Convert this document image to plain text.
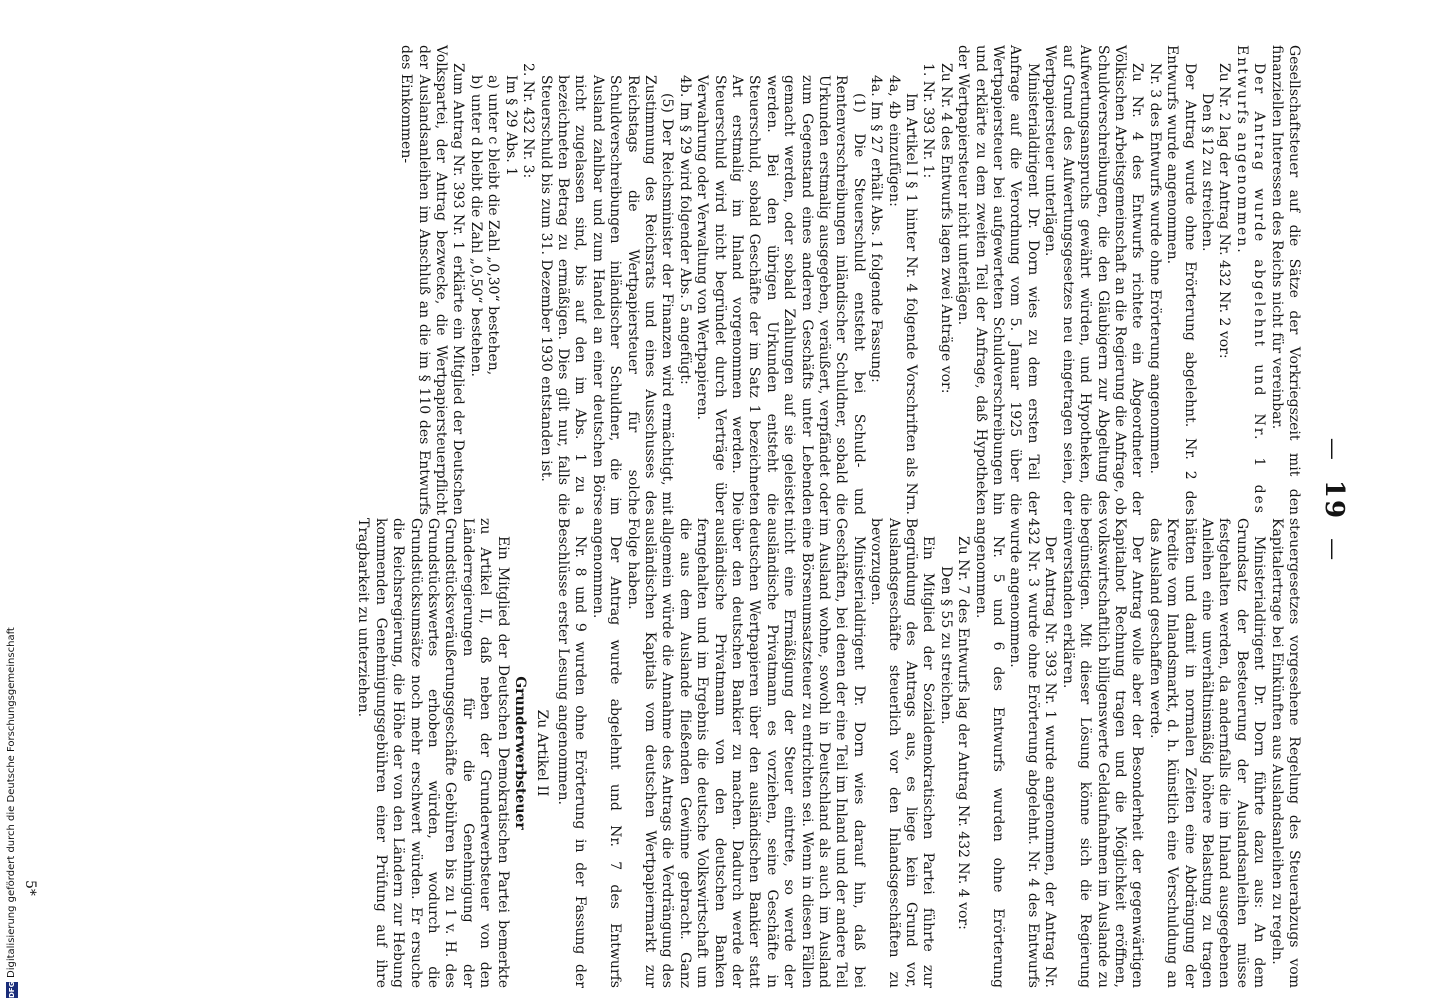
—19—

Gesellschaftsteuer auf die Sätze der Vorkriegszeit mit den finanziellen Interessen des Reichs nicht für vereinbar.

Der Antrag wurde abgelehnt und Nr. 1 des Entwurfs angenommen.

Zu Nr. 2 lag der Antrag Nr. 432 Nr. 2 vor:

Den § 12 zu streichen.

Der Antrag wurde ohne Erörterung abgelehnt. Nr. 2 des Entwurfs wurde angenommen.

Nr. 3 des Entwurfs wurde ohne Erörterung angenommen.

Zu Nr. 4 des Entwurfs richtete ein Abgeordneter der Völkischen Arbeitsgemeinschaft an die Regierung die Anfrage, ob Schuldverschreibungen, die den Gläubigern zur Abgeltung des Aufwertungsanspruchs gewährt würden, und Hypotheken, die auf Grund des Aufwertungsgesetzes neu eingetragen seien, der Wertpapiersteuer unterlägen.

Ministerialdirigent Dr. Dorn wies zu dem ersten Teil der Anfrage auf die Verordnung vom 5. Januar 1925 über die Wertpapiersteuer bei aufgewerteten Schuldverschreibungen hin und erklärte zu dem zweiten Teil der Anfrage, daß Hypotheken der Wertpapiersteuer nicht unterlägen.

Zu Nr. 4 des Entwurfs lagen zwei Anträge vor:

1. Nr. 393 Nr. 1:

Im Artikel I § 1 hinter Nr. 4 folgende Vorschriften als Nrn. 4a, 4b einzufügen:

4a. Im § 27 erhält Abs. 1 folgende Fassung:

(1) Die Steuerschuld entsteht bei Schuld- und Rentenverschreibungen inländischer Schuldner, sobald die Urkunden erstmalig ausgegeben, veräußert, verpfändet oder zum Gegenstand eines anderen Geschäfts unter Lebenden gemacht werden, oder sobald Zahlungen auf sie geleistet werden. Bei den übrigen Urkunden entsteht die Steuerschuld, sobald Geschäfte der im Satz 1 bezeichneten Art erstmalig im Inland vorgenommen werden. Die Steuerschuld wird nicht begründet durch Verträge über Verwahrung oder Verwaltung von Wertpapieren.

4b. Im § 29 wird folgender Abs. 5 angefügt:

(5) Der Reichsminister der Finanzen wird ermächtigt, mit Zustimmung des Reichsrats und eines Ausschusses des Reichstags die Wertpapiersteuer für solche Schuldverschreibungen inländischer Schuldner, die im Ausland zahlbar und zum Handel an einer deutschen Börse nicht zugelassen sind, bis auf den im Abs. 1 zu a bezeichneten Betrag zu ermäßigen. Dies gilt nur, falls die Steuerschuld bis zum 31. Dezember 1930 entstanden ist.

2. Nr. 432 Nr. 3:

Im § 29 Abs. 1

a) unter c bleibt die Zahl „0,30“ bestehen,

b) unter d bleibt die Zahl „0,50“ bestehen.

Zum Antrag Nr. 393 Nr. 1 erklärte ein Mitglied der Deutschen Volkspartei, der Antrag bezwecke, die Wertpapiersteuerpflicht der Auslandsanleihen im Anschluß an die im § 110 des Entwurfs des Einkommen-

steuergesetzes vorgesehene Regelung des Steuerabzugs vom Kapitalertrage bei Einkünften aus Auslandsanleihen zu regeln.

Ministerialdirigent Dr. Dorn führte dazu aus: An dem Grundsatz der Besteuerung der Auslandsanleihen müsse festgehalten werden, da andernfalls die im Inland ausgegebenen Anleihen eine unverhältnismäßig höhere Belastung zu tragen hätten und damit in normalen Zeiten eine Abdrängung der Kredite vom Inlandsmarkt, d. h. künstlich eine Verschuldung an das Ausland geschaffen werde.

Der Antrag wolle aber der Besonderheit der gegenwärtigen Kapitalnot Rechnung tragen und die Möglichkeit eröffnen, volkswirtschaftlich billigenswerte Geldaufnahmen im Auslande zu begünstigen. Mit dieser Lösung könne sich die Regierung einverstanden erklären.

Der Antrag Nr. 393 Nr. 1 wurde angenommen, der Antrag Nr. 432 Nr. 3 wurde ohne Erörterung abgelehnt. Nr. 4 des Entwurfs wurde angenommen.

Nr. 5 und 6 des Entwurfs wurden ohne Erörterung angenommen.

Zu Nr. 7 des Entwurfs lag der Antrag Nr. 432 Nr. 4 vor:

Den § 55 zu streichen.

Ein Mitglied der Sozialdemokratischen Partei führte zur Begründung des Antrags aus, es liege kein Grund vor, Auslandsgeschäfte steuerlich vor den Inlandsgeschäften zu bevorzugen.

Ministerialdirigent Dr. Dorn wies darauf hin, daß bei Geschäften, bei denen der eine Teil im Inland und der andere Teil im Ausland wohne, sowohl in Deutschland als auch im Ausland eine Börsenumsatzsteuer zu entrichten sei. Wenn in diesen Fällen nicht eine Ermäßigung der Steuer eintrete, so werde der ausländische Privatmann es vorziehen, seine Geschäfte in deutschen Wertpapieren über den ausländischen Bankier statt über den deutschen Bankier zu machen. Dadurch werde der ausländische Privatmann von den deutschen Banken ferngehalten und im Ergebnis die deutsche Volkswirtschaft um die aus dem Auslande fließenden Gewinne gebracht. Ganz allgemein würde die Annahme des Antrags die Verdrängung des ausländischen Kapitals vom deutschen Wertpapiermarkt zur Folge haben.

Der Antrag wurde abgelehnt und Nr. 7 des Entwurfs angenommen.

Nr. 8 und 9 wurden ohne Erörterung in der Fassung der Beschlüsse erster Lesung angenommen.

Zu Artikel II

Grunderwerbsteuer

Ein Mitglied der Deutschen Demokratischen Partei bemerkte zu Artikel II, daß neben der Grunderwerbsteuer von den Länderregierungen für die Genehmigung der Grundstücksveräußerungsgeschäfte Gebühren bis zu 1 v. H. des Grundstückswertes erhoben würden, wodurch die Grundstücksumsätze noch mehr erschwert würden. Er ersuche die Reichsregierung, die Höhe der von den Ländern zur Hebung kommenden Genehmigungsgebühren einer Prüfung auf ihre Tragbarkeit zu unterziehen.

5*
DFG
Digitalisierung gefördert durch die Deutsche Forschungsgemeinschaft
